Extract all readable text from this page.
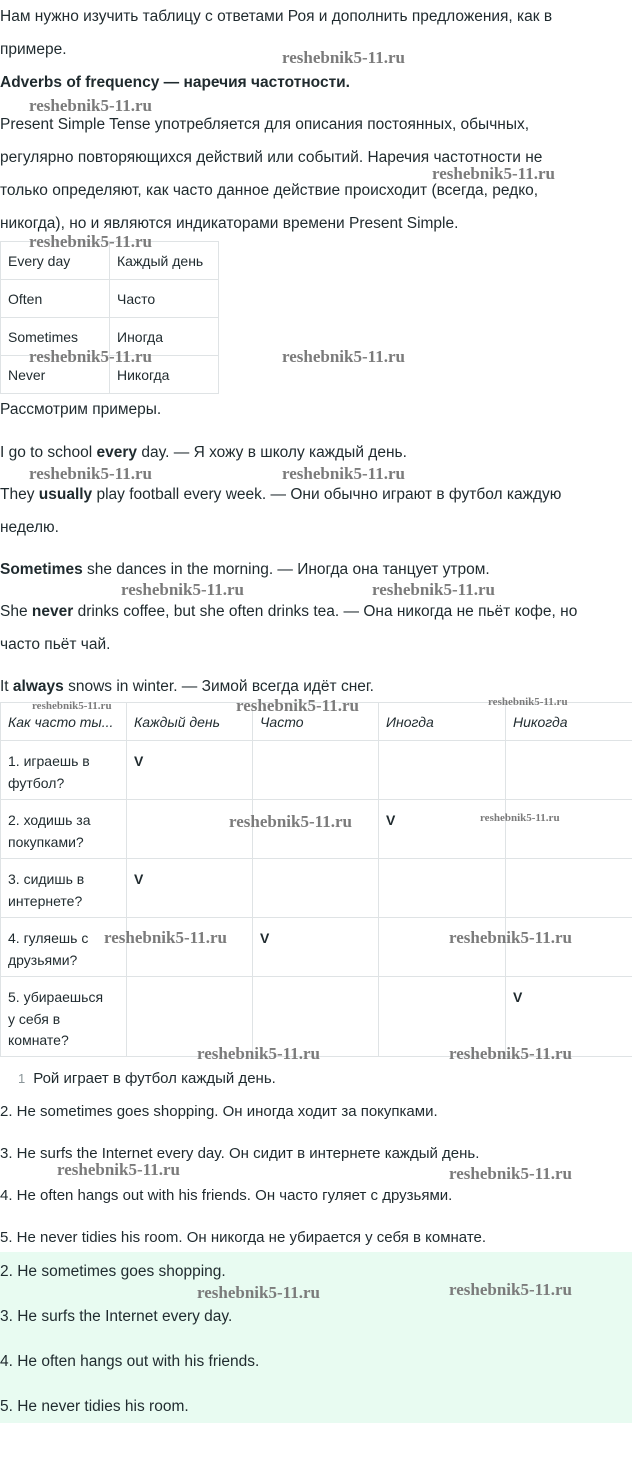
Нам нужно изучить таблицу с ответами Роя и дополнить предложения, как в

примере.

Adverbs of frequency — наречия частотности.

Present Simple Tense употребляется для описания постоянных, обычных,

регулярно повторяющихся действий или событий. Наречия частотности не

только определяют, как часто данное действие происходит (всегда, редко,

никогда), но и являются индикаторами времени Present Simple.

Every day	Каждый день
Often	Часто
Sometimes	Иногда
Never	Никогда

Рассмотрим примеры.

I go to school every day. — Я хожу в школу каждый день.

They usually play football every week. — Они обычно играют в футбол каждую

неделю.

Sometimes she dances in the morning. — Иногда она танцует утром.

She never drinks coffee, but she often drinks tea. — Она никогда не пьёт кофе, но

часто пьёт чай.

It always snows in winter. — Зимой всегда идёт снег.

Как часто ты...	Каждый день	Часто	Иногда	Никогда
1. играешь в
футбол?	V			
2. ходишь за
покупками?			V	
3. сидишь в
интернете?	V			
4. гуляешь с
друзьями?		V		
5. убираешься
у себя в
комнате?				V
1 Рой играет в футбол каждый день.

2. He sometimes goes shopping. Он иногда ходит за покупками.

3. He surfs the Internet every day. Он сидит в интернете каждый день.

4. He often hangs out with his friends. Он часто гуляет с друзьями.

5. He never tidies his room. Он никогда не убирается у себя в комнате.

2. He sometimes goes shopping.

3. He surfs the Internet every day.

4. He often hangs out with his friends.

5. He never tidies his room.

reshebnik5-11.ru
reshebnik5-11.ru
reshebnik5-11.ru
reshebnik5-11.ru
reshebnik5-11.ru	reshebnik5-11.ru
reshebnik5-11.ru	reshebnik5-11.ru
reshebnik5-11.ru	reshebnik5-11.ru
reshebnik5-11.ru	reshebnik5-11.ru	reshebnik5-11.ru
reshebnik5-11.ru	reshebnik5-11.ru
reshebnik5-11.ru	reshebnik5-11.ru
reshebnik5-11.ru	reshebnik5-11.ru
reshebnik5-11.ru	reshebnik5-11.ru
reshebnik5-11.ru	reshebnik5-11.ru
